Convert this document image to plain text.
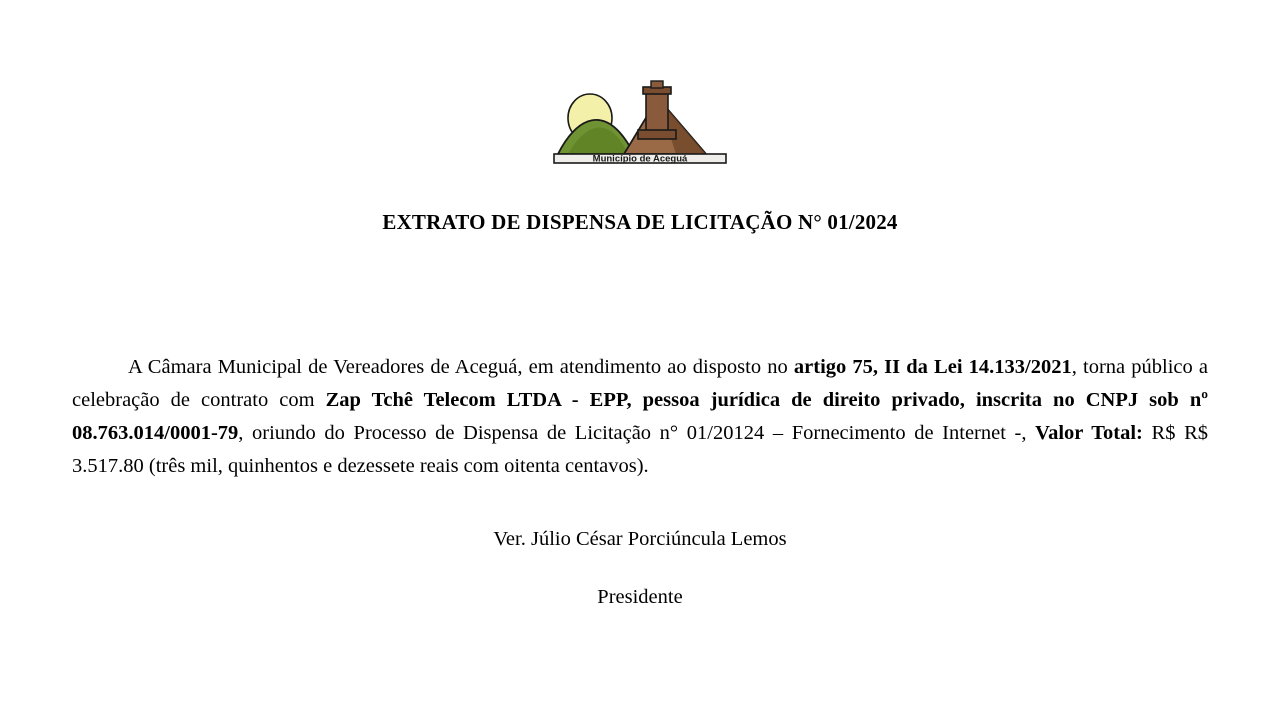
Município de Aceguá
EXTRATO DE DISPENSA DE LICITAÇÃO N° 01/2024

A Câmara Municipal de Vereadores de Aceguá, em atendimento ao disposto no artigo 75, II da Lei 14.133/2021, torna público a celebração de contrato com Zap Tchê Telecom LTDA - EPP, pessoa jurídica de direito privado, inscrita no CNPJ sob nº 08.763.014/0001-79, oriundo do Processo de Dispensa de Licitação n° 01/20124 – Fornecimento de Internet -, Valor Total: R$ R$ 3.517.80 (três mil, quinhentos e dezessete reais com oitenta centavos).

Ver. Júlio César Porciúncula Lemos
Presidente
